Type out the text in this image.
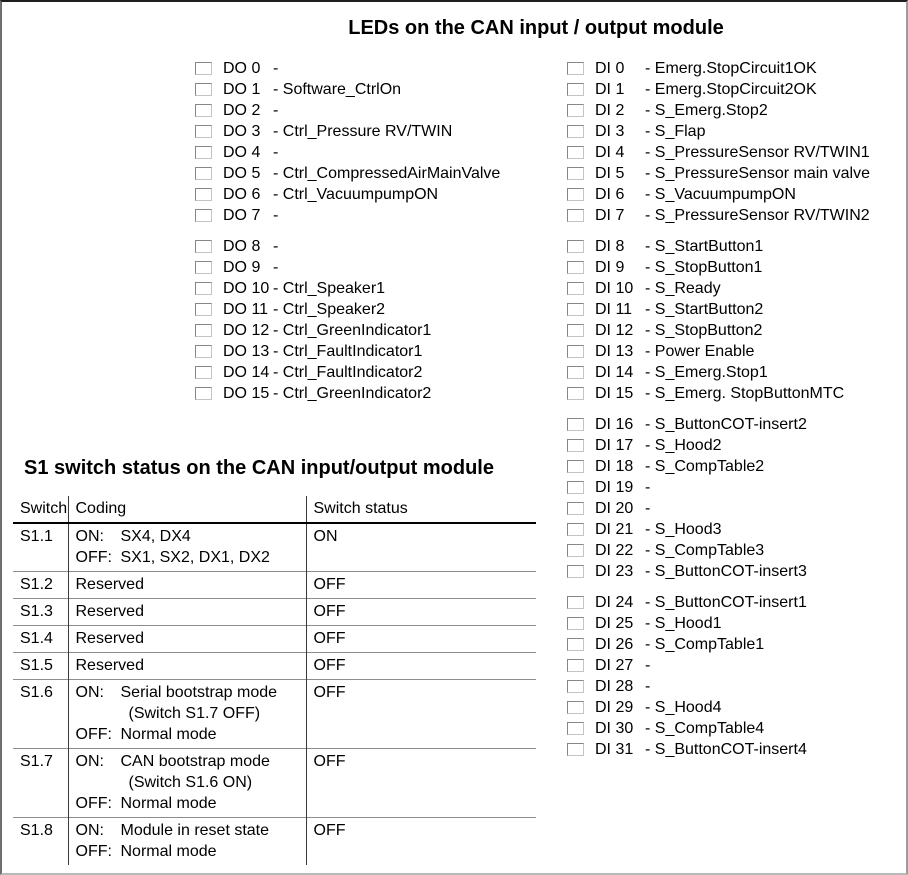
LEDs on the CAN input / output module
DO 0 -
DO 1 - Software_CtrlOn
DO 2 -
DO 3 - Ctrl_Pressure RV/TWIN
DO 4 -
DO 5 - Ctrl_CompressedAirMainValve
DO 6 - Ctrl_VacuumpumpON
DO 7 -
DO 8 -
DO 9 -
DO 10 - Ctrl_Speaker1
DO 11 - Ctrl_Speaker2
DO 12 - Ctrl_GreenIndicator1
DO 13 - Ctrl_FaultIndicator1
DO 14 - Ctrl_FaultIndicator2
DO 15 - Ctrl_GreenIndicator2
DI 0	- Emerg.StopCircuit1OK
DI 1	- Emerg.StopCircuit2OK
DI 2	- S_Emerg.Stop2
DI 3	- S_Flap
DI 4	- S_PressureSensor RV/TWIN1
DI 5	- S_PressureSensor main valve
DI 6	- S_VacuumpumpON
DI 7	- S_PressureSensor RV/TWIN2
DI 8	- S_StartButton1
DI 9	- S_StopButton1
DI 10 - S_Ready
DI 11 - S_StartButton2
DI 12 - S_StopButton2
DI 13 - Power Enable
DI 14 - S_Emerg.Stop1
DI 15 - S_Emerg. StopButtonMTC
DI 16 - S_ButtonCOT-insert2
DI 17 - S_Hood2
DI 18 - S_CompTable2
DI 19 -
DI 20 -
DI 21 - S_Hood3
DI 22 - S_CompTable3
DI 23 - S_ButtonCOT-insert3
DI 24 - S_ButtonCOT-insert1
DI 25 - S_Hood1
DI 26 - S_CompTable1
DI 27 -
DI 28 -
DI 29 - S_Hood4
DI 30 - S_CompTable4
DI 31 - S_ButtonCOT-insert4
S1 switch status on the CAN input/output module
Switch	Coding	Switch status
S1.1	ON: SX4, DX4
OFF: SX1, SX2, DX1, DX2	ON
S1.2	Reserved	OFF
S1.3	Reserved	OFF
S1.4	Reserved	OFF
S1.5	Reserved	OFF
S1.6	ON: Serial bootstrap mode
(Switch S1.7 OFF)
OFF: Normal mode	OFF
S1.7	ON: CAN bootstrap mode
(Switch S1.6 ON)
OFF: Normal mode	OFF
S1.8	ON: Module in reset state
OFF: Normal mode	OFF
